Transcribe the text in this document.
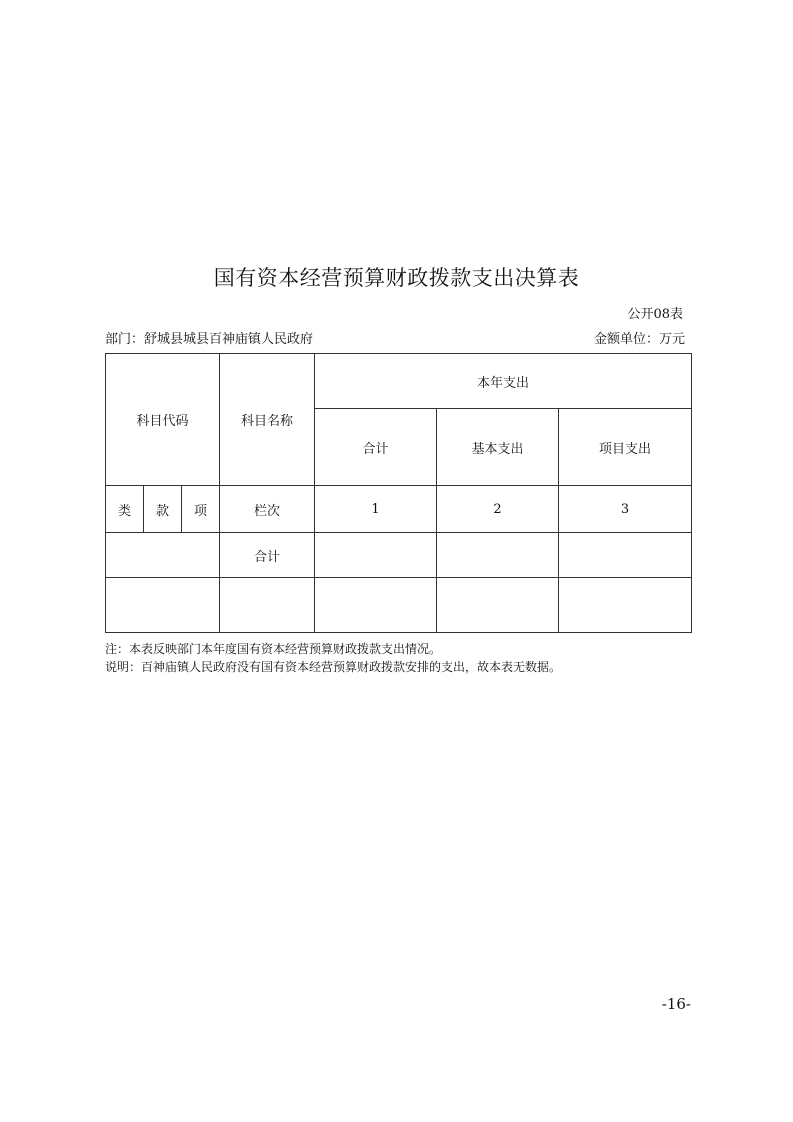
国有资本经营预算财政拨款支出决算表
公开08表
部门：舒城县城县百神庙镇人民政府	金额单位：万元
科目代码			科目名称	本年支出		
				合计	基本支出	项目支出
类	款	项	栏次	1	2	3
			合计			

注：本表反映部门本年度国有资本经营预算财政拨款支出情况。
说明：百神庙镇人民政府没有国有资本经营预算财政拨款安排的支出，故本表无数据。
-16-
